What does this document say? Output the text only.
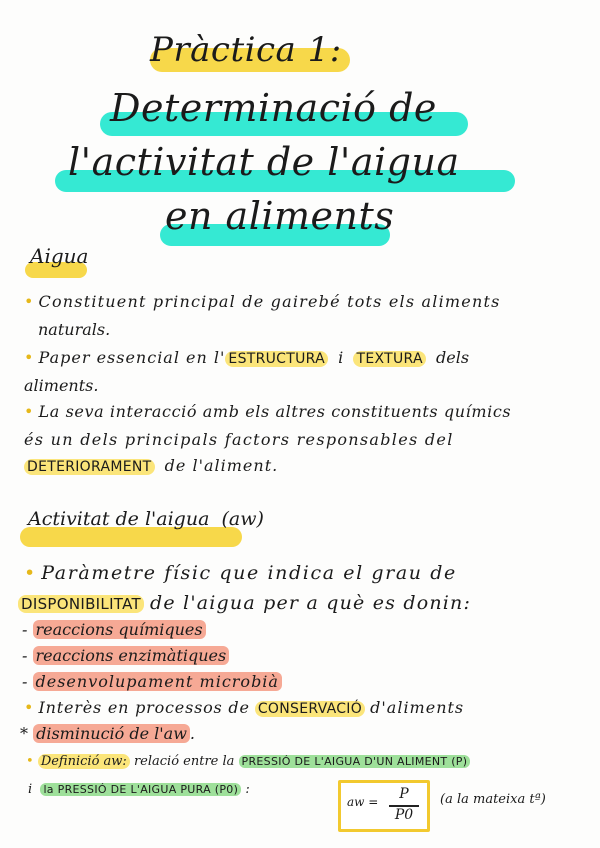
Pràctica 1:
Determinació de
l'activitat de l'aigua
en aliments
Aigua
• Constituent principal de gairebé tots els aliments
naturals.
• Paper essencial en l' ESTRUCTURA i TEXTURA dels
aliments.
• La seva interacció amb els altres constituents químics
és un dels principals factors responsables del
DETERIORAMENT de l'aliment.
Activitat de l'aigua (aw)
• Paràmetre físic que indica el grau de
DISPONIBILITAT de l'aigua per a què es donin:
- reaccions químiques
- reaccions enzimàtiques
- desenvolupament microbià
• Interès en processos de CONSERVACIÓ d'aliments
* disminució de l'aw .
• Definició aw: relació entre la PRESSIÓ DE L'AIGUA D'UN ALIMENT (P)
i la PRESSIÓ DE L'AIGUA PURA (P0) :
aw =	P
P0
(a la mateixa tª)
